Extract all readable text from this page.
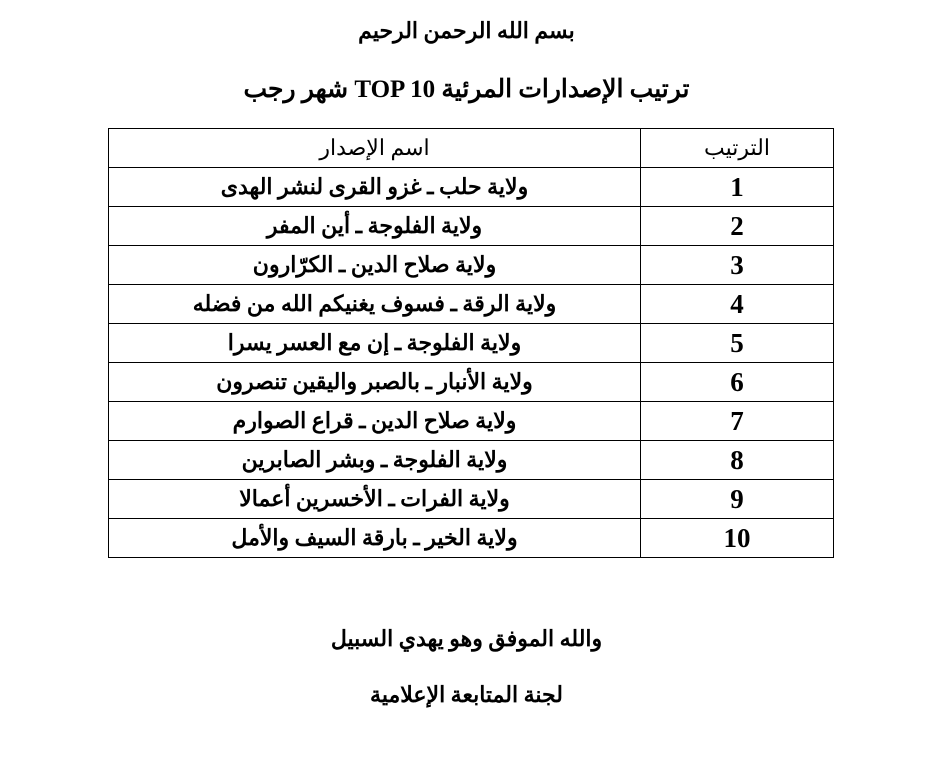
بسم الله الرحمن الرحيم
ترتيب الإصدارات المرئية TOP 10 شهر رجب
الترتيب	اسم الإصدار
1	ولاية حلب ـ غزو القرى لنشر الهدى
2	ولاية الفلوجة ـ أين المفر
3	ولاية صلاح الدين ـ الكرّارون
4	ولاية الرقة ـ فسوف يغنيكم الله من فضله
5	ولاية الفلوجة ـ إن مع العسر يسرا
6	ولاية الأنبار ـ بالصبر واليقين تنصرون
7	ولاية صلاح الدين ـ قراع الصوارم
8	ولاية الفلوجة ـ وبشر الصابرين
9	ولاية الفرات ـ الأخسرين أعمالا
10	ولاية الخير ـ بارقة السيف والأمل
والله الموفق وهو يهدي السبيل
لجنة المتابعة الإعلامية
